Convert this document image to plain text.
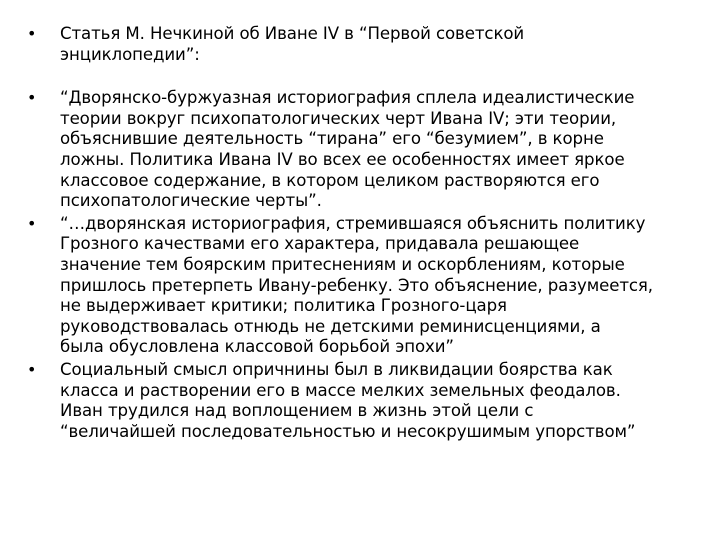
• Статья М. Нечкиной об Иване IV в “Первой советской
энциклопедии”:
• “Дворянско-буржуазная историография сплела идеалистические
теории вокруг психопатологических черт Ивана IV; эти теории,
объяснившие деятельность “тирана” его “безумием”, в корне
ложны. Политика Ивана IV во всех ее особенностях имеет яркое
классовое содержание, в котором целиком растворяются его
психопатологические черты”.
• “…дворянская историография, стремившаяся объяснить политику
Грозного качествами его характера, придавала решающее
значение тем боярским притеснениям и оскорблениям, которые
пришлось претерпеть Ивану-ребенку. Это объяснение, разумеется,
не выдерживает критики; политика Грозного-царя
руководствовалась отнюдь не детскими реминисценциями, а
была обусловлена классовой борьбой эпохи”
• Социальный смысл опричнины был в ликвидации боярства как
класса и растворении его в массе мелких земельных феодалов.
Иван трудился над воплощением в жизнь этой цели с
“величайшей последовательностью и несокрушимым упорством”
